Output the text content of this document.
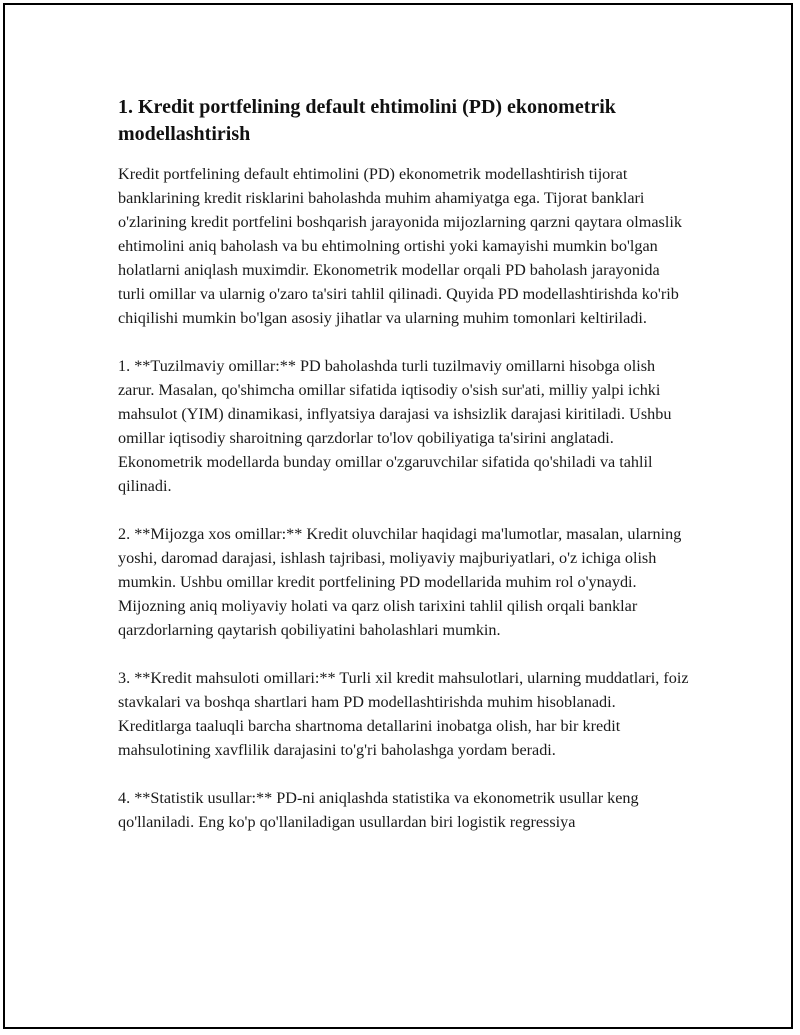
1. Kredit portfelining default ehtimolini (PD) ekonometrik modellashtirish

Kredit portfelining default ehtimolini (PD) ekonometrik modellashtirish tijorat banklarining kredit risklarini baholashda muhim ahamiyatga ega. Tijorat banklari o'zlarining kredit portfelini boshqarish jarayonida mijozlarning qarzni qaytara olmaslik ehtimolini aniq baholash va bu ehtimolning ortishi yoki kamayishi mumkin bo'lgan holatlarni aniqlash muximdir. Ekonometrik modellar orqali PD baholash jarayonida turli omillar va ularnig o'zaro ta'siri tahlil qilinadi. Quyida PD modellashtirishda ko'rib chiqilishi mumkin bo'lgan asosiy jihatlar va ularning muhim tomonlari keltiriladi.

1. **Tuzilmaviy omillar:** PD baholashda turli tuzilmaviy omillarni hisobga olish zarur. Masalan, qo'shimcha omillar sifatida iqtisodiy o'sish sur'ati, milliy yalpi ichki mahsulot (YIM) dinamikasi, inflyatsiya darajasi va ishsizlik darajasi kiritiladi. Ushbu omillar iqtisodiy sharoitning qarzdorlar to'lov qobiliyatiga ta'sirini anglatadi. Ekonometrik modellarda bunday omillar o'zgaruvchilar sifatida qo'shiladi va tahlil qilinadi.

2. **Mijozga xos omillar:** Kredit oluvchilar haqidagi ma'lumotlar, masalan, ularning yoshi, daromad darajasi, ishlash tajribasi, moliyaviy majburiyatlari, o'z ichiga olish mumkin. Ushbu omillar kredit portfelining PD modellarida muhim rol o'ynaydi. Mijozning aniq moliyaviy holati va qarz olish tarixini tahlil qilish orqali banklar qarzdorlarning qaytarish qobiliyatini baholashlari mumkin.

3. **Kredit mahsuloti omillari:** Turli xil kredit mahsulotlari, ularning muddatlari, foiz stavkalari va boshqa shartlari ham PD modellashtirishda muhim hisoblanadi. Kreditlarga taaluqli barcha shartnoma detallarini inobatga olish, har bir kredit mahsulotining xavflilik darajasini to'g'ri baholashga yordam beradi.

4. **Statistik usullar:** PD-ni aniqlashda statistika va ekonometrik usullar keng qo'llaniladi. Eng ko'p qo'llaniladigan usullardan biri logistik regressiya
